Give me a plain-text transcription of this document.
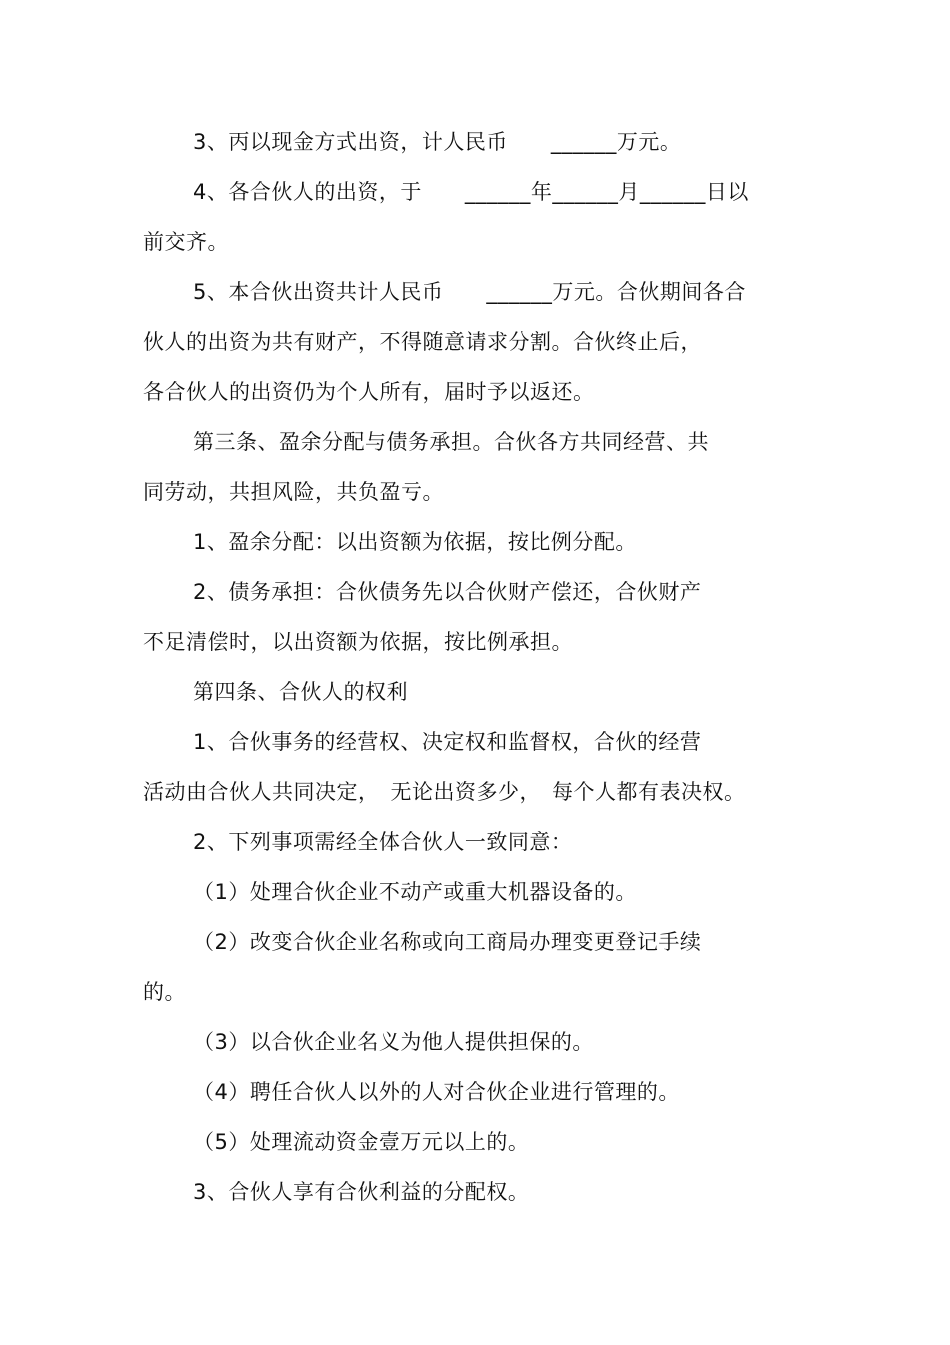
3、丙以现金方式出资，计人民币　　______万元。
4、各合伙人的出资，于　　______年______月______日以
前交齐。
5、本合伙出资共计人民币　　______万元。合伙期间各合
伙人的出资为共有财产，不得随意请求分割。合伙终止后，
各合伙人的出资仍为个人所有，届时予以返还。
第三条、盈余分配与债务承担。合伙各方共同经营、共
同劳动，共担风险，共负盈亏。
1、盈余分配：以出资额为依据，按比例分配。
2、债务承担：合伙债务先以合伙财产偿还，合伙财产
不足清偿时，以出资额为依据，按比例承担。
第四条、合伙人的权利
1、合伙事务的经营权、决定权和监督权，合伙的经营
活动由合伙人共同决定，　无论出资多少，　每个人都有表决权。
2、下列事项需经全体合伙人一致同意：
（1）处理合伙企业不动产或重大机器设备的。
（2）改变合伙企业名称或向工商局办理变更登记手续
的。
（3）以合伙企业名义为他人提供担保的。
（4）聘任合伙人以外的人对合伙企业进行管理的。
（5）处理流动资金壹万元以上的。
3、合伙人享有合伙利益的分配权。
